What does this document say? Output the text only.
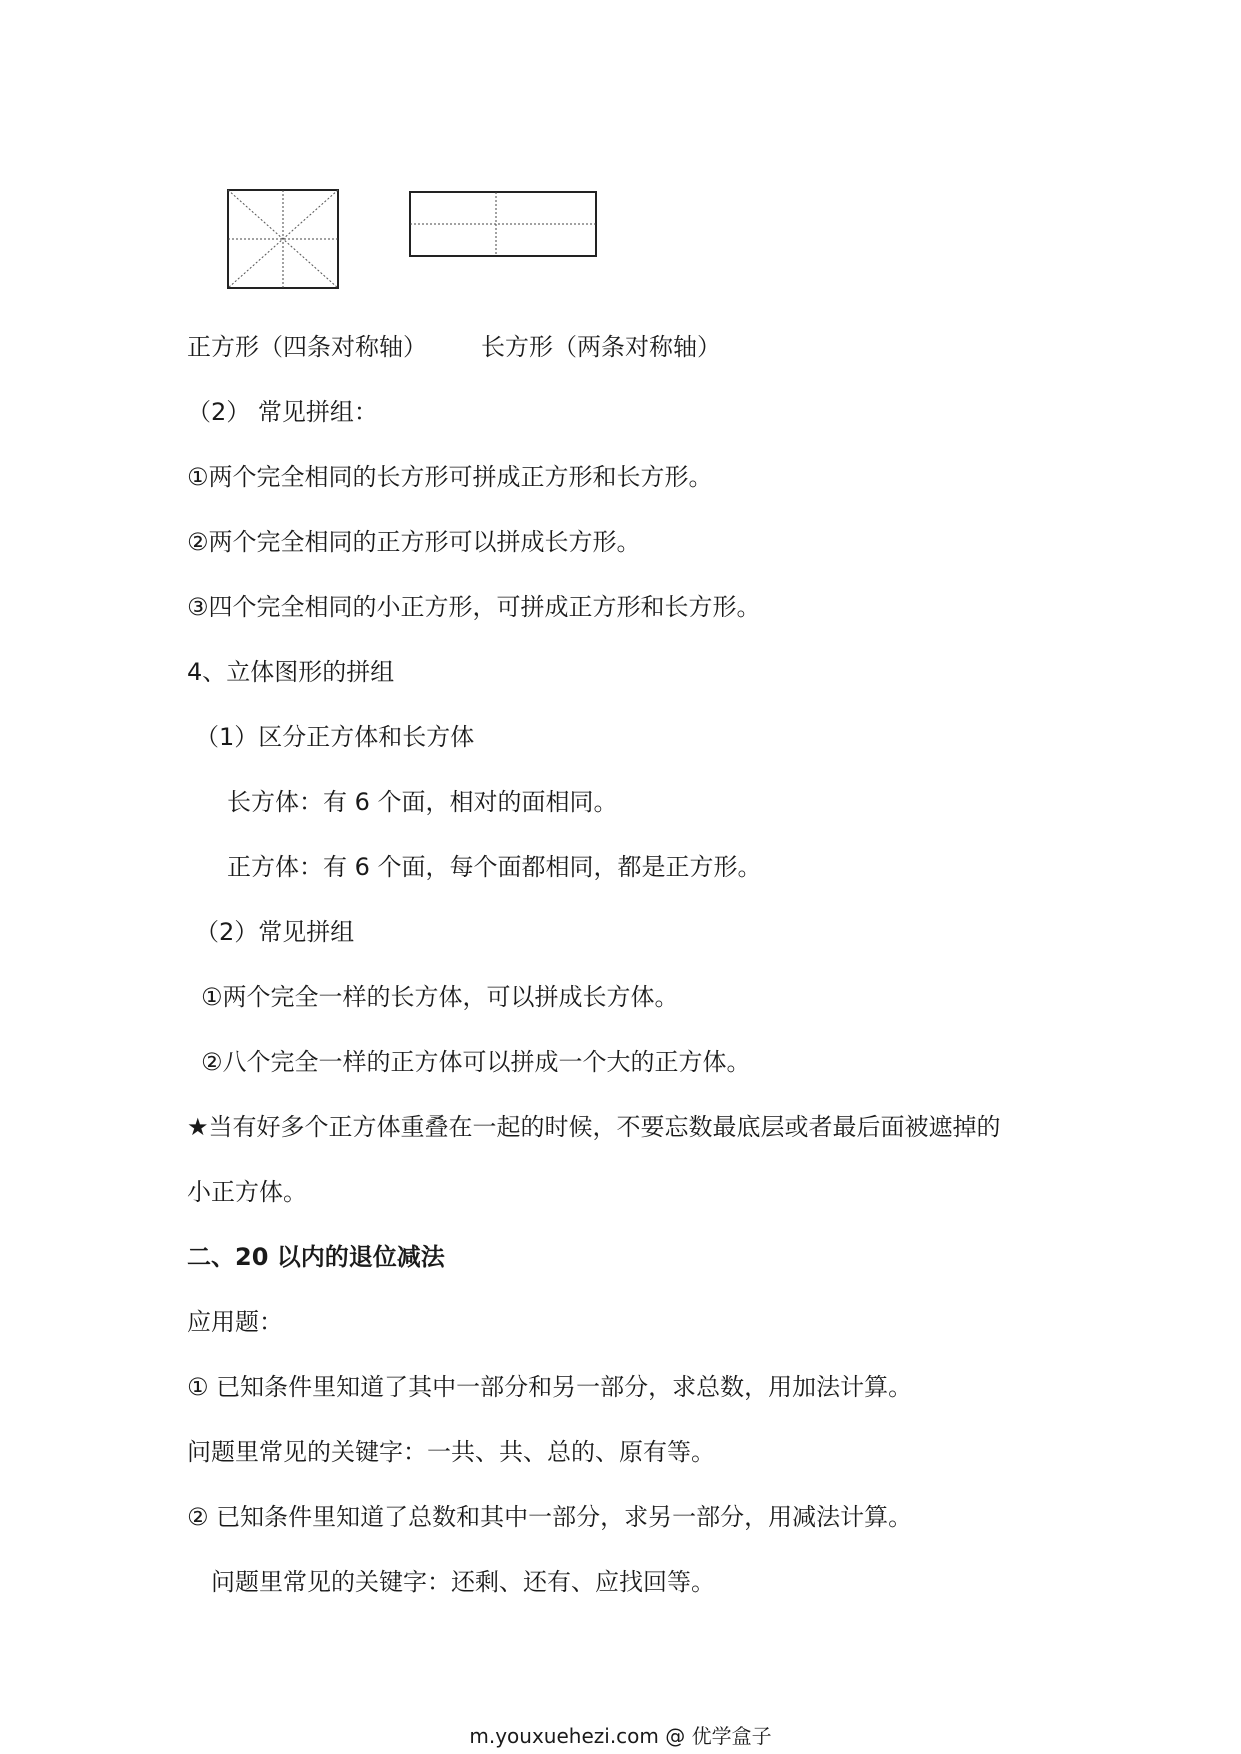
正方形（四条对称轴） 长方形（两条对称轴）
（2） 常见拼组：
①两个完全相同的长方形可拼成正方形和长方形。
②两个完全相同的正方形可以拼成长方形。
③四个完全相同的小正方形，可拼成正方形和长方形。
4、立体图形的拼组
（1）区分正方体和长方体
长方体：有 6 个面，相对的面相同。
正方体：有 6 个面，每个面都相同，都是正方形。
（2）常见拼组
①两个完全一样的长方体，可以拼成长方体。
②八个完全一样的正方体可以拼成一个大的正方体。
★当有好多个正方体重叠在一起的时候，不要忘数最底层或者最后面被遮掉的
小正方体。
二、20 以内的退位减法
应用题：
① 已知条件里知道了其中一部分和另一部分，求总数，用加法计算。
问题里常见的关键字：一共、共、总的、原有等。
② 已知条件里知道了总数和其中一部分，求另一部分，用减法计算。
问题里常见的关键字：还剩、还有、应找回等。
m.youxuehezi.com @ 优学盒子
